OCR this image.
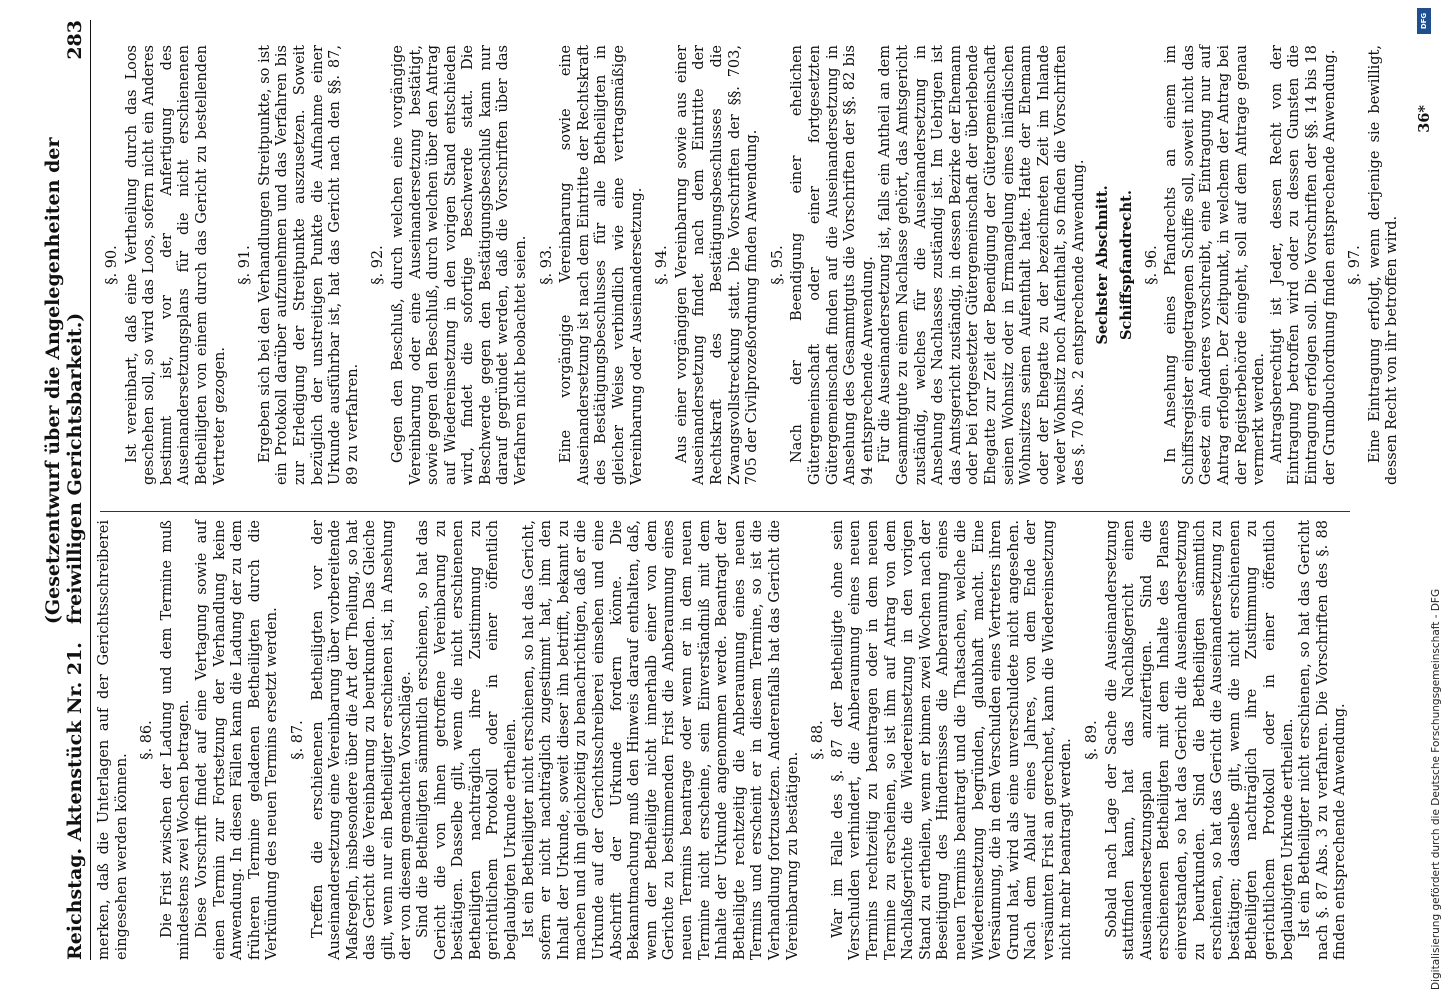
Reichstag. Aktenstück Nr. 21.
(Gesetzentwurf über die Angelegenheiten der freiwilligen Gerichtsbarkeit.)
283

merken, daß die Unterlagen auf der Gerichtsschreiberei eingesehen werden können.

§. 86. Die Frist zwischen der Ladung und dem Termine muß mindestens zwei Wochen betragen. Diese Vorschrift findet auf eine Vertagung sowie auf einen Termin zur Fortsetzung der Verhandlung keine Anwendung. In diesen Fällen kann die Ladung der zu dem früheren Termine geladenen Betheiligten durch die Verkündung des neuen Termins ersetzt werden. §. 87. Treffen die erschienenen Betheiligten vor der Auseinandersetzung eine Vereinbarung über vorbereitende Maßregeln, insbesondere über die Art der Theilung, so hat das Gericht die Vereinbarung zu beurkunden. Das Gleiche gilt, wenn nur ein Betheiligter erschienen ist, in Ansehung der von diesem gemachten Vorschläge. Sind die Betheiligten sämmtlich erschienen, so hat das Gericht die von ihnen getroffene Vereinbarung zu bestätigen. Dasselbe gilt, wenn die nicht erschienenen Betheiligten nachträglich ihre Zustimmung zu gerichtlichem Protokoll oder in einer öffentlich beglaubigten Urkunde ertheilen. Ist ein Betheiligter nicht erschienen, so hat das Gericht, sofern er nicht nachträglich zugestimmt hat, ihm den Inhalt der Urkunde, soweit dieser ihn betrifft, bekannt zu machen und ihn gleichzeitig zu benachrichtigen, daß er die Urkunde auf der Gerichtsschreiberei einsehen und eine Abschrift der Urkunde fordern könne. Die Bekanntmachung muß den Hinweis darauf enthalten, daß, wenn der Betheiligte nicht innerhalb einer von dem Gerichte zu bestimmenden Frist die Anberaumung eines neuen Termins beantrage oder wenn er in dem neuen Termine nicht erscheine, sein Einverständniß mit dem Inhalte der Urkunde angenommen werde. Beantragt der Betheiligte rechtzeitig die Anberaumung eines neuen Termins und erscheint er in diesem Termine, so ist die Verhandlung fortzusetzen. Anderenfalls hat das Gericht die Vereinbarung zu bestätigen.

§. 88. War im Falle des §. 87 der Betheiligte ohne sein Verschulden verhindert, die Anberaumung eines neuen Termins rechtzeitig zu beantragen oder in dem neuen Termine zu erscheinen, so ist ihm auf Antrag von dem Nachlaßgerichte die Wiedereinsetzung in den vorigen Stand zu ertheilen, wenn er binnen zwei Wochen nach der Beseitigung des Hindernisses die Anberaumung eines neuen Termins beantragt und die Thatsachen, welche die Wiedereinsetzung begründen, glaubhaft macht. Eine Versäumung, die in dem Verschulden eines Vertreters ihren Grund hat, wird als eine unverschuldete nicht angesehen. Nach dem Ablauf eines Jahres, von dem Ende der versäumten Frist an gerechnet, kann die Wiedereinsetzung nicht mehr beantragt werden. §. 89. Sobald nach Lage der Sache die Auseinandersetzung stattfinden kann, hat das Nachlaßgericht einen Auseinandersetzungsplan anzufertigen. Sind die erschienenen Betheiligten mit dem Inhalte des Planes einverstanden, so hat das Gericht die Auseinandersetzung zu beurkunden. Sind die Betheiligten sämmtlich erschienen, so hat das Gericht die Auseinandersetzung zu bestätigen; dasselbe gilt, wenn die nicht erschienenen Betheiligten nachträglich ihre Zustimmung zu gerichtlichem Protokoll oder in einer öffentlich beglaubigten Urkunde ertheilen. Ist ein Betheiligter nicht erschienen, so hat das Gericht nach §. 87 Abs. 3 zu verfahren. Die Vorschriften des §. 88 finden entsprechende Anwendung.

§. 90. Ist vereinbart, daß eine Vertheilung durch das Loos geschehen soll, so wird das Loos, sofern nicht ein Anderes bestimmt ist, vor der Anfertigung des Auseinandersetzungsplans für die nicht erschienenen Betheiligten von einem durch das Gericht zu bestellenden Vertreter gezogen.

§. 91. Ergeben sich bei den Verhandlungen Streitpunkte, so ist ein Protokoll darüber aufzunehmen und das Verfahren bis zur Erledigung der Streitpunkte auszusetzen. Soweit bezüglich der unstreitigen Punkte die Aufnahme einer Urkunde ausführbar ist, hat das Gericht nach den §§. 87, 89 zu verfahren.

§. 92. Gegen den Beschluß, durch welchen eine vorgängige Vereinbarung oder eine Auseinandersetzung bestätigt, sowie gegen den Beschluß, durch welchen über den Antrag auf Wiedereinsetzung in den vorigen Stand entschieden wird, findet die sofortige Beschwerde statt. Die Beschwerde gegen den Bestätigungsbeschluß kann nur darauf gegründet werden, daß die Vorschriften über das Verfahren nicht beobachtet seien. §. 93. Eine vorgängige Vereinbarung sowie eine Auseinandersetzung ist nach dem Eintritte der Rechtskraft des Bestätigungsbeschlusses für alle Betheiligten in gleicher Weise verbindlich wie eine vertragsmäßige Vereinbarung oder Auseinandersetzung. §. 94. Aus einer vorgängigen Vereinbarung sowie aus einer Auseinandersetzung findet nach dem Eintritte der Rechtskraft des Bestätigungsbeschlusses die Zwangsvollstreckung statt. Die Vorschriften der §§. 703, 705 der Civilprozeßordnung finden Anwendung. §. 95. Nach der Beendigung einer ehelichen Gütergemeinschaft oder einer fortgesetzten Gütergemeinschaft finden auf die Auseinandersetzung in Ansehung des Gesammtguts die Vorschriften der §§. 82 bis 94 entsprechende Anwendung. Für die Auseinandersetzung ist, falls ein Antheil an dem Gesammtgute zu einem Nachlasse gehört, das Amtsgericht zuständig, welches für die Auseinandersetzung in Ansehung des Nachlasses zuständig ist. Im Uebrigen ist das Amtsgericht zuständig, in dessen Bezirke der Ehemann oder bei fortgesetzter Gütergemeinschaft der überlebende Ehegatte zur Zeit der Beendigung der Gütergemeinschaft seinen Wohnsitz oder in Ermangelung eines inländischen Wohnsitzes seinen Aufenthalt hatte. Hatte der Ehemann oder der Ehegatte zu der bezeichneten Zeit im Inlande weder Wohnsitz noch Aufenthalt, so finden die Vorschriften des §. 70 Abs. 2 entsprechende Anwendung. Sechster Abschnitt. Schiffspfandrecht. §. 96. In Ansehung eines Pfandrechts an einem im Schiffsregister eingetragenen Schiffe soll, soweit nicht das Gesetz ein Anderes vorschreibt, eine Eintragung nur auf Antrag erfolgen. Der Zeitpunkt, in welchem der Antrag bei der Registerbehörde eingeht, soll auf dem Antrage genau vermerkt werden. Antragsberechtigt ist Jeder, dessen Recht von der Eintragung betroffen wird oder zu dessen Gunsten die Eintragung erfolgen soll. Die Vorschriften der §§. 14 bis 18 der Grundbuchordnung finden entsprechende Anwendung. §. 97. Eine Eintragung erfolgt, wenn derjenige sie bewilligt, dessen Recht von ihr betroffen wird.

36*
Digitalisierung gefördert durch die Deutsche Forschungsgemeinschaft - DFG
DFG
